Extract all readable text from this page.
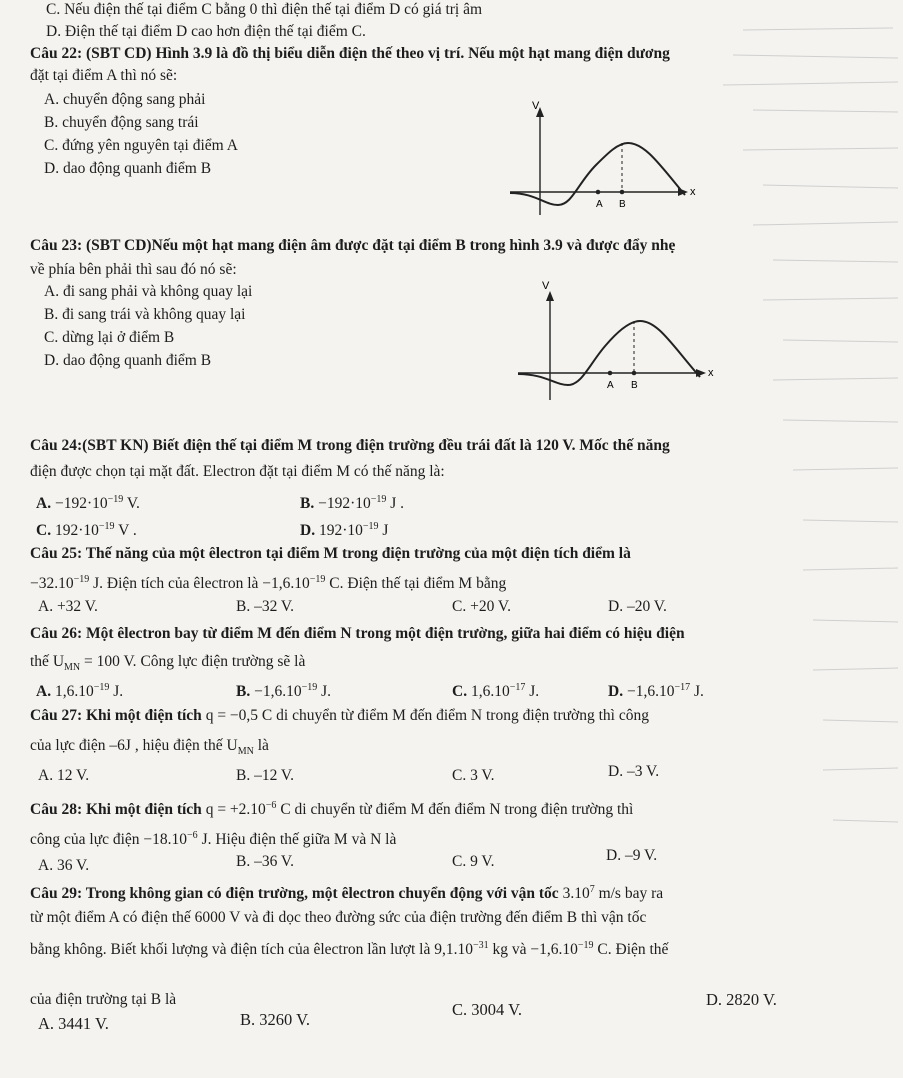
C. Nếu điện thế tại điểm C bằng 0 thì điện thế tại điểm D có giá trị âm
D. Điện thế tại điểm D cao hơn điện thế tại điểm C.
Câu 22: (SBT CD) Hình 3.9 là đồ thị biểu diễn điện thế theo vị trí. Nếu một hạt mang điện dương
đặt tại điểm A thì nó sẽ:
A. chuyển động sang phải
B. chuyển động sang trái
C. đứng yên nguyên tại điểm A
D. dao động quanh điểm B
V
x
A B
Câu 23: (SBT CD)Nếu một hạt mang điện âm được đặt tại điểm B trong hình 3.9 và được đẩy nhẹ
về phía bên phải thì sau đó nó sẽ:
A. đi sang phải và không quay lại
B. đi sang trái và không quay lại
C. dừng lại ở điểm B
D. dao động quanh điểm B
V
x
A B
Câu 24:(SBT KN) Biết điện thế tại điểm M trong điện trường đều trái đất là 120 V. Mốc thế năng
điện được chọn tại mặt đất. Electron đặt tại điểm M có thế năng là:
A. $-192\cdot 10^{-19}$ V.	B. $-192\cdot 10^{-19}$ J .
C. $192\cdot 10^{-19}$ V .	D. $192\cdot 10^{-19}$ J
Câu 25: Thế năng của một êlectron tại điểm M trong điện trường của một điện tích điểm là
$-32.10^{-19}$ J. Điện tích của êlectron là $-1,6.10^{-19}$ C. Điện thế tại điểm M bằng
A. +32 V.	B. –32 V.	C. +20 V.	D. –20 V.
Câu 26: Một êlectron bay từ điểm M đến điểm N trong một điện trường, giữa hai điểm có hiệu điện
thế $U_{MN} = 100$ V. Công lực điện trường sẽ là
A. $1,6.10^{-19}$ J.	B. $-1,6.10^{-19}$ J.	C. $1,6.10^{-17}$ J.	D. $-1,6.10^{-17}$ J.
Câu 27: Khi một điện tích q = −0,5 C di chuyển từ điểm M đến điểm N trong điện trường thì công
của lực điện –6J , hiệu điện thế $U_{MN}$ là
A. 12 V.	B. –12 V.	C. 3 V.	D. –3 V.
Câu 28: Khi một điện tích $q = +2.10^{-6}$ C di chuyển từ điểm M đến điểm N trong điện trường thì
công của lực điện $-18.10^{-6}$ J. Hiệu điện thế giữa M và N là
A. 36 V.	B. –36 V.	C. 9 V.	D. –9 V.
Câu 29: Trong không gian có điện trường, một êlectron chuyển động với vận tốc 3.10$^7$ m/s bay ra
từ một điểm A có điện thế 6000 V và đi dọc theo đường sức của điện trường đến điểm B thì vận tốc
bằng không. Biết khối lượng và điện tích của êlectron lần lượt là $9,1.10^{-31}$ kg và $-1,6.10^{-19}$ C. Điện thế
của điện trường tại B là
A. 3441 V.	B. 3260 V.
C. 3004 V.
D. 2820 V.
